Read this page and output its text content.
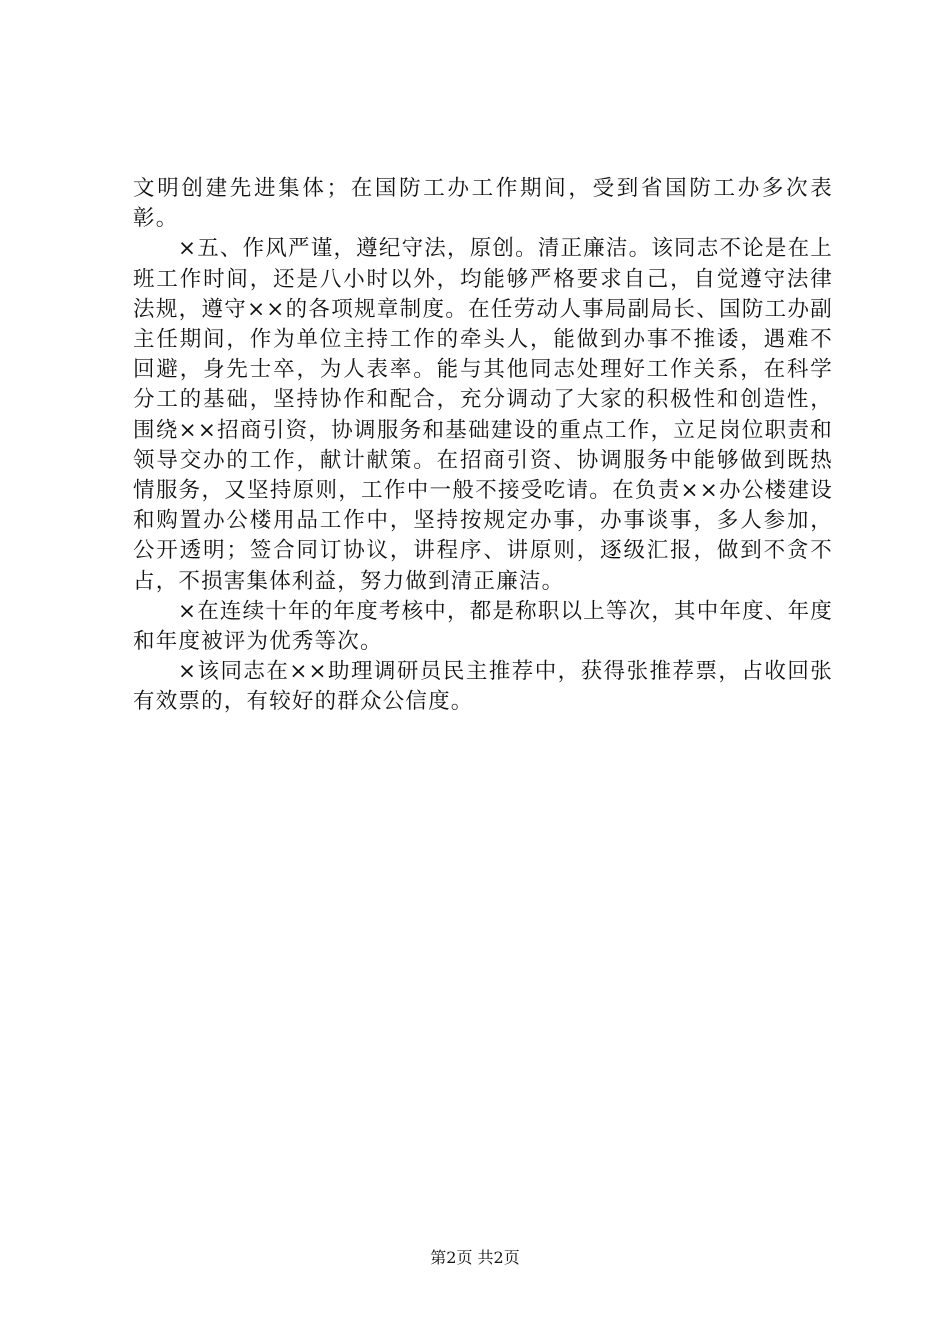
文明创建先进集体；在国防工办工作期间，受到省国防工办多次表彰。

×五、作风严谨，遵纪守法，原创。清正廉洁。该同志不论是在上班工作时间，还是八小时以外，均能够严格要求自己，自觉遵守法律法规，遵守××的各项规章制度。在任劳动人事局副局长、国防工办副主任期间，作为单位主持工作的牵头人，能做到办事不推诿，遇难不回避，身先士卒，为人表率。能与其他同志处理好工作关系，在科学分工的基础，坚持协作和配合，充分调动了大家的积极性和创造性，围绕××招商引资，协调服务和基础建设的重点工作，立足岗位职责和领导交办的工作，献计献策。在招商引资、协调服务中能够做到既热情服务，又坚持原则，工作中一般不接受吃请。在负责××办公楼建设和购置办公楼用品工作中，坚持按规定办事，办事谈事，多人参加，公开透明；签合同订协议，讲程序、讲原则，逐级汇报，做到不贪不占，不损害集体利益，努力做到清正廉洁。

×在连续十年的年度考核中，都是称职以上等次，其中年度、年度和年度被评为优秀等次。

×该同志在××助理调研员民主推荐中，获得张推荐票，占收回张有效票的，有较好的群众公信度。

第2页 共2页
